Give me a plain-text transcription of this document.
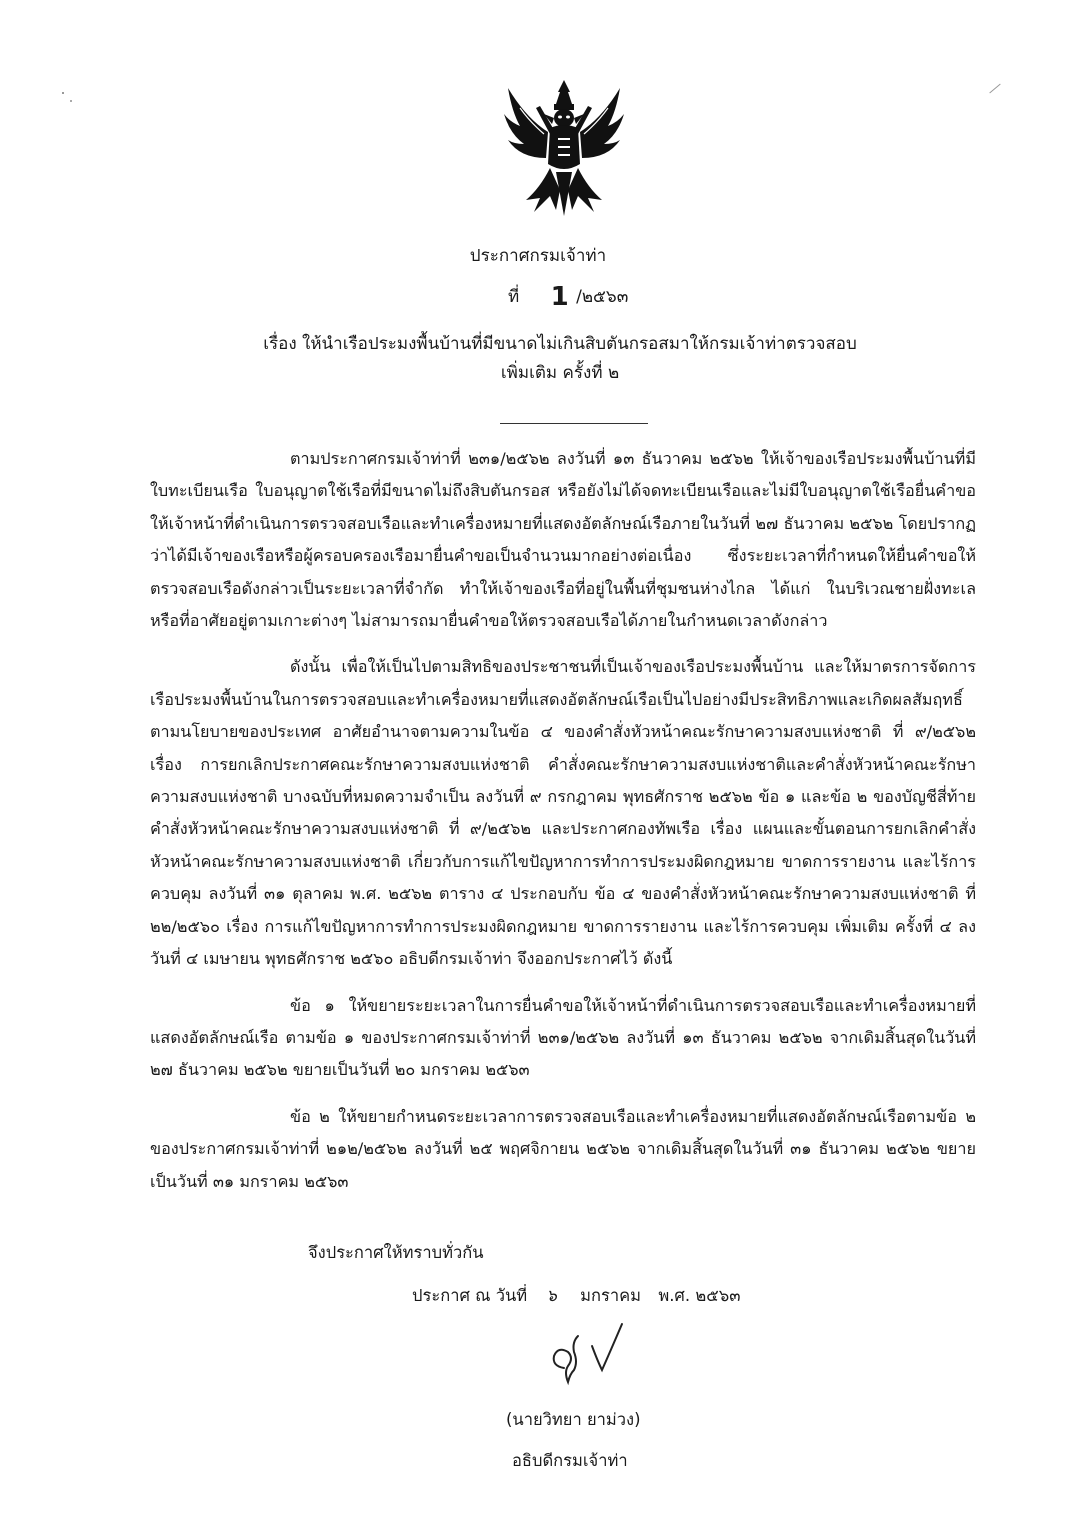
ประกาศกรมเจ้าท่า
ที่ 1 /๒๕๖๓
เรื่อง ให้นำเรือประมงพื้นบ้านที่มีขนาดไม่เกินสิบตันกรอสมาให้กรมเจ้าท่าตรวจสอบ
เพิ่มเติม ครั้งที่ ๒

ตามประกาศกรมเจ้าท่าที่ ๒๓๑/๒๕๖๒ ลงวันที่ ๑๓ ธันวาคม ๒๕๖๒ ให้เจ้าของเรือประมงพื้นบ้านที่มีใบทะเบียนเรือ ใบอนุญาตใช้เรือที่มีขนาดไม่ถึงสิบตันกรอส หรือยังไม่ได้จดทะเบียนเรือและไม่มีใบอนุญาตใช้เรือยื่นคำขอให้เจ้าหน้าที่ดำเนินการตรวจสอบเรือและทำเครื่องหมายที่แสดงอัตลักษณ์เรือภายในวันที่ ๒๗ ธันวาคม ๒๕๖๒ โดยปรากฏว่าได้มีเจ้าของเรือหรือผู้ครอบครองเรือมายื่นคำขอเป็นจำนวนมากอย่างต่อเนื่อง ซึ่งระยะเวลาที่กำหนดให้ยื่นคำขอให้ตรวจสอบเรือดังกล่าวเป็นระยะเวลาที่จำกัด ทำให้เจ้าของเรือที่อยู่ในพื้นที่ชุมชนห่างไกล ได้แก่ ในบริเวณชายฝั่งทะเล หรือที่อาศัยอยู่ตามเกาะต่างๆ ไม่สามารถมายื่นคำขอให้ตรวจสอบเรือได้ภายในกำหนดเวลาดังกล่าว

ดังนั้น เพื่อให้เป็นไปตามสิทธิของประชาชนที่เป็นเจ้าของเรือประมงพื้นบ้าน และให้มาตรการจัดการเรือประมงพื้นบ้านในการตรวจสอบและทำเครื่องหมายที่แสดงอัตลักษณ์เรือเป็นไปอย่างมีประสิทธิภาพและเกิดผลสัมฤทธิ์ตามนโยบายของประเทศ อาศัยอำนาจตามความในข้อ ๔ ของคำสั่งหัวหน้าคณะรักษาความสงบแห่งชาติ ที่ ๙/๒๕๖๒ เรื่อง การยกเลิกประกาศคณะรักษาความสงบแห่งชาติ คำสั่งคณะรักษาความสงบแห่งชาติและคำสั่งหัวหน้าคณะรักษาความสงบแห่งชาติ บางฉบับที่หมดความจำเป็น ลงวันที่ ๙ กรกฎาคม พุทธศักราช ๒๕๖๒ ข้อ ๑ และข้อ ๒ ของบัญชีสี่ท้ายคำสั่งหัวหน้าคณะรักษาความสงบแห่งชาติ ที่ ๙/๒๕๖๒ และประกาศกองทัพเรือ เรื่อง แผนและขั้นตอนการยกเลิกคำสั่งหัวหน้าคณะรักษาความสงบแห่งชาติ เกี่ยวกับการแก้ไขปัญหาการทำการประมงผิดกฎหมาย ขาดการรายงาน และไร้การควบคุม ลงวันที่ ๓๑ ตุลาคม พ.ศ. ๒๕๖๒ ตาราง ๔ ประกอบกับ ข้อ ๔ ของคำสั่งหัวหน้าคณะรักษาความสงบแห่งชาติ ที่ ๒๒/๒๕๖๐ เรื่อง การแก้ไขปัญหาการทำการประมงผิดกฎหมาย ขาดการรายงาน และไร้การควบคุม เพิ่มเติม ครั้งที่ ๔ ลงวันที่ ๔ เมษายน พุทธศักราช ๒๕๖๐ อธิบดีกรมเจ้าท่า จึงออกประกาศไว้ ดังนี้

ข้อ ๑ ให้ขยายระยะเวลาในการยื่นคำขอให้เจ้าหน้าที่ดำเนินการตรวจสอบเรือและทำเครื่องหมายที่แสดงอัตลักษณ์เรือ ตามข้อ ๑ ของประกาศกรมเจ้าท่าที่ ๒๓๑/๒๕๖๒ ลงวันที่ ๑๓ ธันวาคม ๒๕๖๒ จากเดิมสิ้นสุดในวันที่ ๒๗ ธันวาคม ๒๕๖๒ ขยายเป็นวันที่ ๒๐ มกราคม ๒๕๖๓

ข้อ ๒ ให้ขยายกำหนดระยะเวลาการตรวจสอบเรือและทำเครื่องหมายที่แสดงอัตลักษณ์เรือตามข้อ ๒ ของประกาศกรมเจ้าท่าที่ ๒๑๒/๒๕๖๒ ลงวันที่ ๒๕ พฤศจิกายน ๒๕๖๒ จากเดิมสิ้นสุดในวันที่ ๓๑ ธันวาคม ๒๕๖๒ ขยายเป็นวันที่ ๓๑ มกราคม ๒๕๖๓

จึงประกาศให้ทราบทั่วกัน
ประกาศ ณ วันที่ ๖ มกราคม พ.ศ. ๒๕๖๓
(นายวิทยา ยาม่วง)
อธิบดีกรมเจ้าท่า
